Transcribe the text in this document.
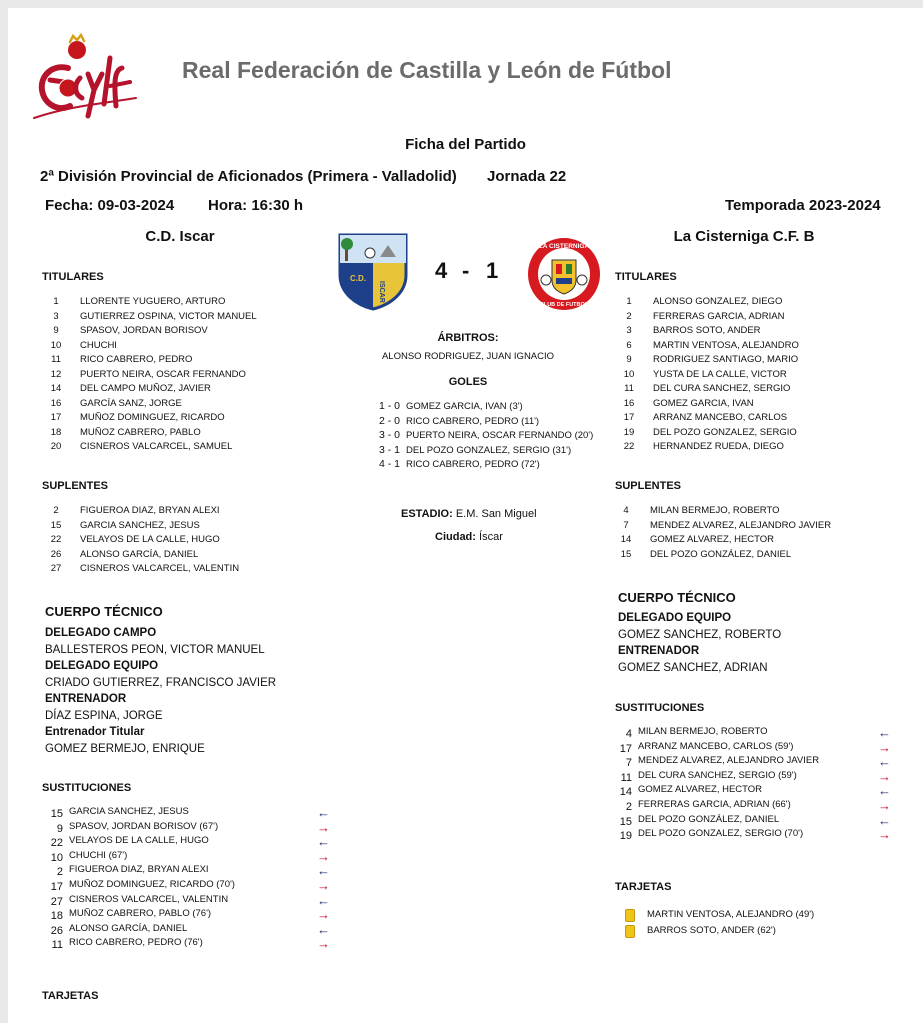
Real Federación de Castilla y León de Fútbol
Ficha del Partido
2ª División Provincial de Aficionados (Primera - Valladolid) Jornada 22
Fecha: 09-03-2024 Hora: 16:30 h	Temporada 2023-2024
C.D. Iscar	La Cisterniga C.F. B
C.D.
ISCAR
4 - 1
LA CISTERNIGA
CLUB DE FUTBOL
ÁRBITROS:
ALONSO RODRIGUEZ, JUAN IGNACIO
GOLES
1 - 0 GOMEZ GARCIA, IVAN (3')
2 - 0 RICO CABRERO, PEDRO (11')
3 - 0 PUERTO NEIRA, OSCAR FERNANDO (20')
3 - 1 DEL POZO GONZALEZ, SERGIO (31')
4 - 1 RICO CABRERO, PEDRO (72')
ESTADIO: E.M. San Miguel
Ciudad: Íscar
TITULARES
1	LLORENTE YUGUERO, ARTURO
3	GUTIERREZ OSPINA, VICTOR MANUEL
9	SPASOV, JORDAN BORISOV
10	CHUCHI
11	RICO CABRERO, PEDRO
12	PUERTO NEIRA, OSCAR FERNANDO
14	DEL CAMPO MUÑOZ, JAVIER
16	GARCÍA SANZ, JORGE
17	MUÑOZ DOMINGUEZ, RICARDO
18	MUÑOZ CABRERO, PABLO
20	CISNEROS VALCARCEL, SAMUEL
SUPLENTES
2	FIGUEROA DIAZ, BRYAN ALEXI
15	GARCIA SANCHEZ, JESUS
22	VELAYOS DE LA CALLE, HUGO
26	ALONSO GARCÍA, DANIEL
27	CISNEROS VALCARCEL, VALENTIN
CUERPO TÉCNICO
DELEGADO CAMPO
BALLESTEROS PEON, VICTOR MANUEL
DELEGADO EQUIPO
CRIADO GUTIERREZ, FRANCISCO JAVIER
ENTRENADOR
DÍAZ ESPINA, JORGE
Entrenador Titular
GOMEZ BERMEJO, ENRIQUE
SUSTITUCIONES
15 GARCIA SANCHEZ, JESUS	←
9 SPASOV, JORDAN BORISOV (67')	→
22 VELAYOS DE LA CALLE, HUGO	←
10 CHUCHI (67')	→
2 FIGUEROA DIAZ, BRYAN ALEXI	←
17 MUÑOZ DOMINGUEZ, RICARDO (70')	→
27 CISNEROS VALCARCEL, VALENTIN	←
18 MUÑOZ CABRERO, PABLO (76')	→
26 ALONSO GARCÍA, DANIEL	←
11 RICO CABRERO, PEDRO (76')	→
TARJETAS
TITULARES
1	ALONSO GONZALEZ, DIEGO
2	FERRERAS GARCIA, ADRIAN
3	BARROS SOTO, ANDER
6	MARTIN VENTOSA, ALEJANDRO
9	RODRIGUEZ SANTIAGO, MARIO
10	YUSTA DE LA CALLE, VICTOR
11	DEL CURA SANCHEZ, SERGIO
16	GOMEZ GARCIA, IVAN
17	ARRANZ MANCEBO, CARLOS
19	DEL POZO GONZALEZ, SERGIO
22	HERNANDEZ RUEDA, DIEGO
SUPLENTES
4	MILAN BERMEJO, ROBERTO
7	MENDEZ ALVAREZ, ALEJANDRO JAVIER
14	GOMEZ ALVAREZ, HECTOR
15	DEL POZO GONZÁLEZ, DANIEL
CUERPO TÉCNICO
DELEGADO EQUIPO
GOMEZ SANCHEZ, ROBERTO
ENTRENADOR
GOMEZ SANCHEZ, ADRIAN
SUSTITUCIONES
4 MILAN BERMEJO, ROBERTO	←
17 ARRANZ MANCEBO, CARLOS (59')	→
7 MENDEZ ALVAREZ, ALEJANDRO JAVIER	←
11 DEL CURA SANCHEZ, SERGIO (59')	→
14 GOMEZ ALVAREZ, HECTOR	←
2 FERRERAS GARCIA, ADRIAN (66')	→
15 DEL POZO GONZÁLEZ, DANIEL	←
19 DEL POZO GONZALEZ, SERGIO (70')	→
TARJETAS
MARTIN VENTOSA, ALEJANDRO (49')
BARROS SOTO, ANDER (62')
